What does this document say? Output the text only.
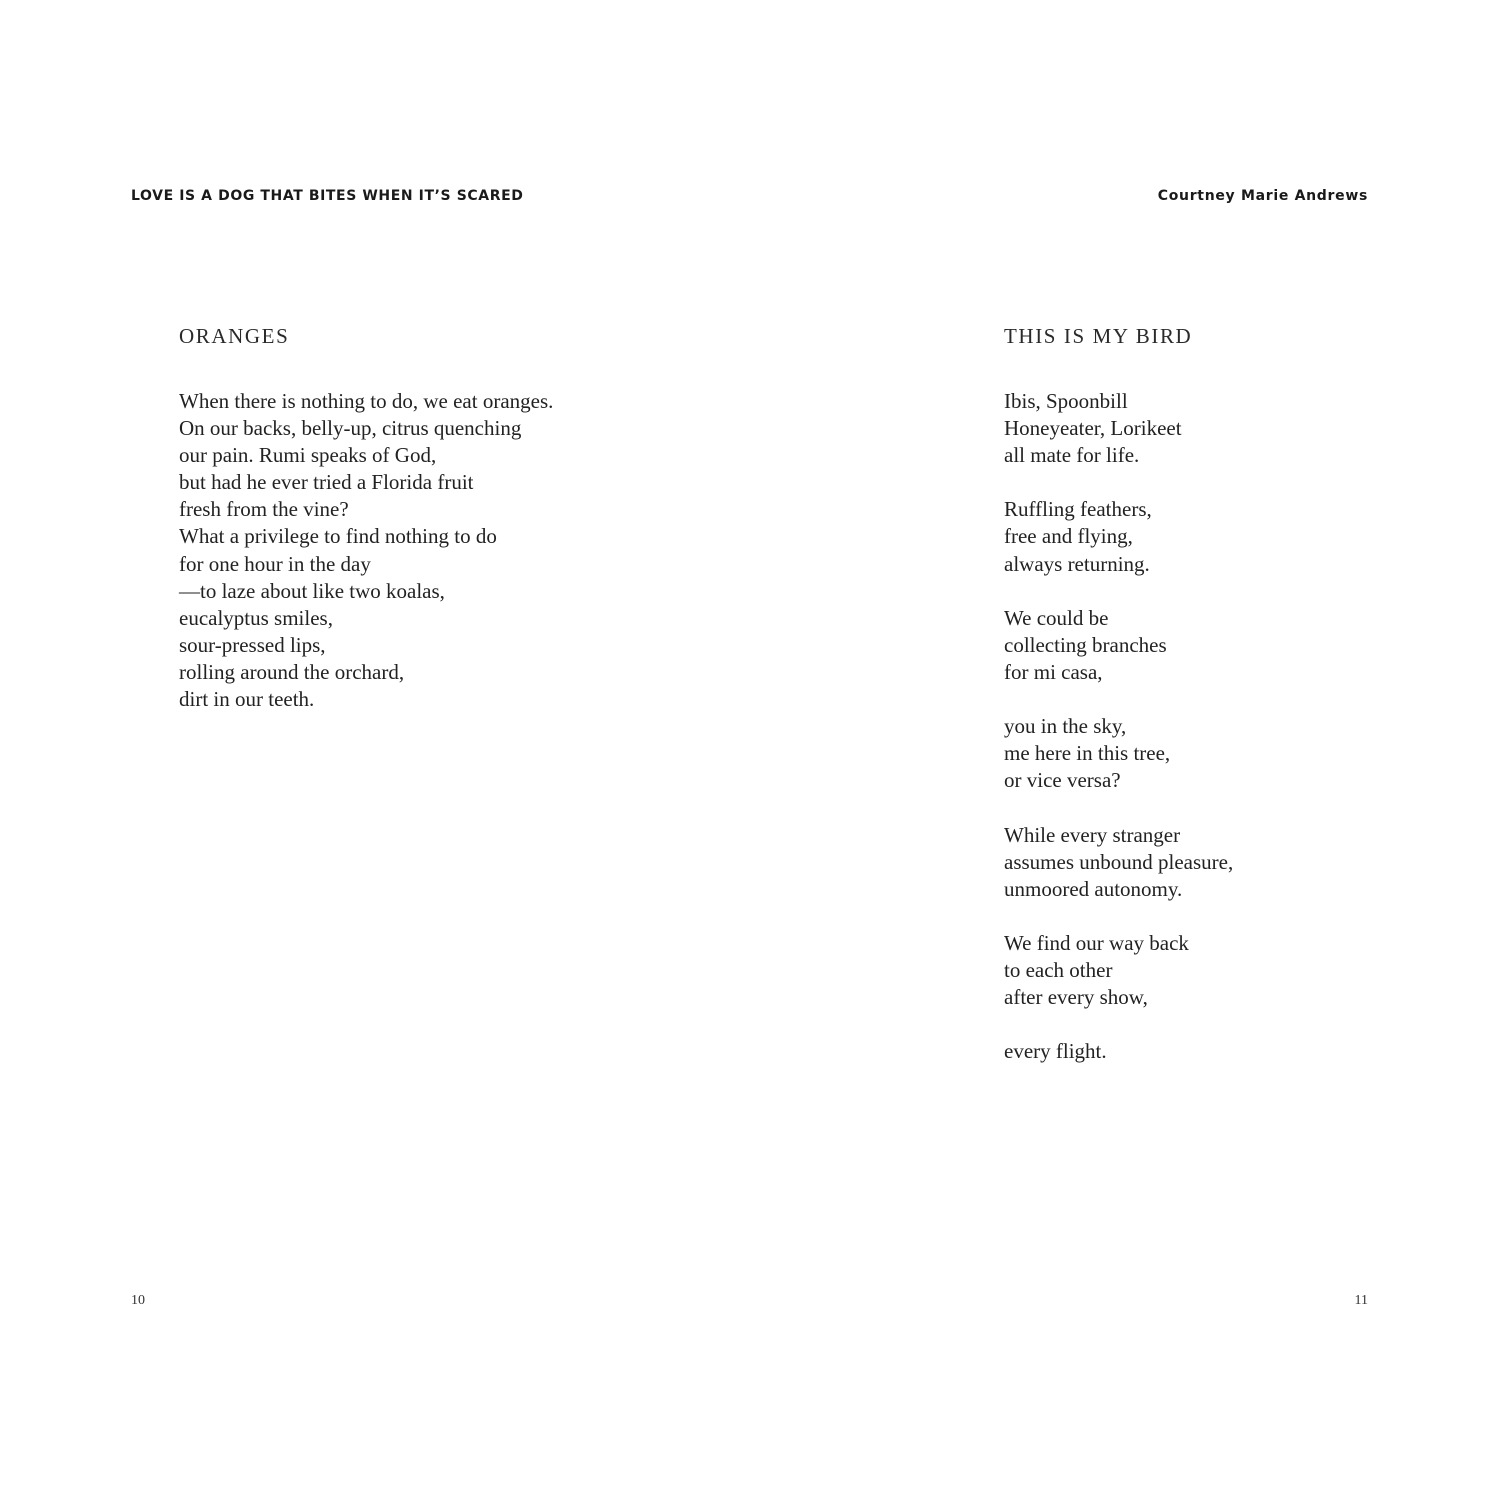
LOVE IS A DOG THAT BITES WHEN IT’S SCARED
ORANGES
When there is nothing to do, we eat oranges.
On our backs, belly-up, citrus quenching
our pain. Rumi speaks of God,
but had he ever tried a Florida fruit
fresh from the vine?
What a privilege to find nothing to do
for one hour in the day
—to laze about like two koalas,
eucalyptus smiles,
sour-pressed lips,
rolling around the orchard,
dirt in our teeth.
10
Courtney Marie Andrews
THIS IS MY BIRD
Ibis, Spoonbill
Honeyeater, Lorikeet
all mate for life.
Ruffling feathers,
free and flying,
always returning.
We could be
collecting branches
for mi casa,
you in the sky,
me here in this tree,
or vice versa?
While every stranger
assumes unbound pleasure,
unmoored autonomy.
We find our way back
to each other
after every show,
every flight.
11
